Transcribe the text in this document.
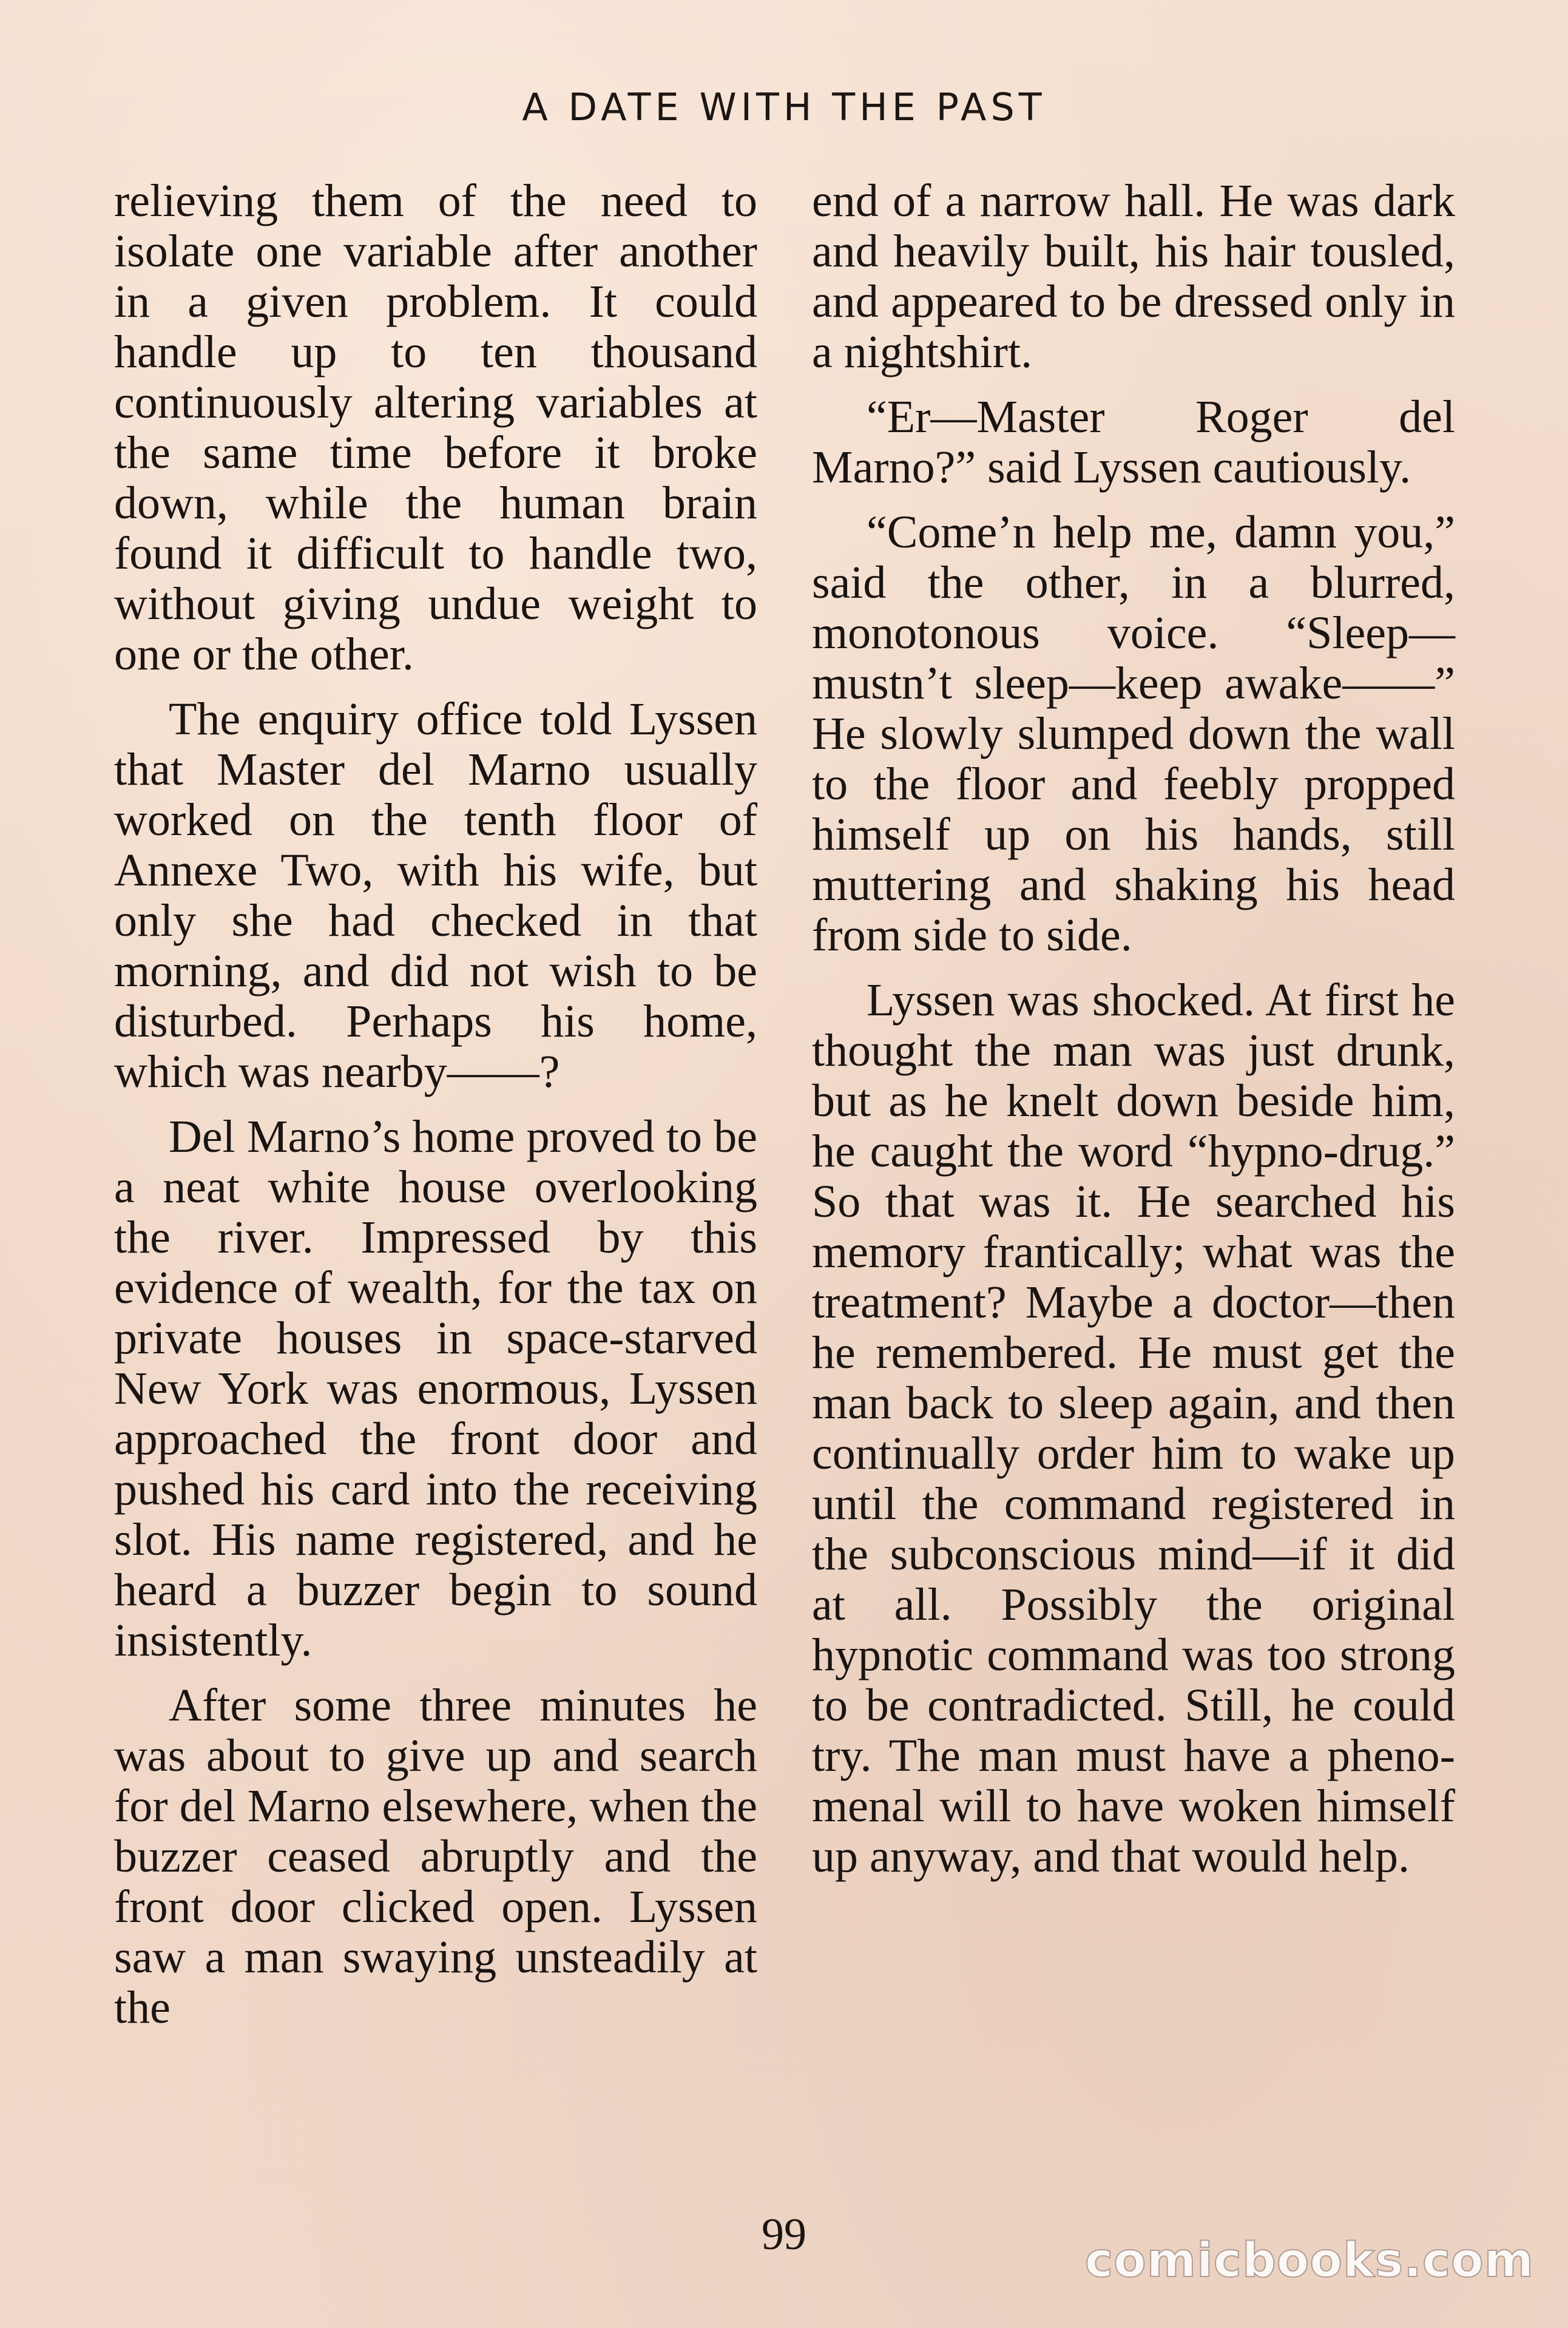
A DATE WITH THE PAST

relieving them of the need to isolate one variable after another in a given problem. It could handle up to ten thousand continuously altering variables at the same time before it broke down, while the human brain found it difficult to handle two, without giving undue weight to one or the other.

The enquiry office told Lyssen that Master del Marno usually worked on the tenth floor of Annexe Two, with his wife, but only she had checked in that morning, and did not wish to be disturbed. Perhaps his home, which was nearby——?

Del Marno’s home proved to be a neat white house overlooking the river. Impressed by this evidence of wealth, for the tax on private houses in space-starved New York was enormous, Lyssen approached the front door and pushed his card into the receiving slot. His name registered, and he heard a buzzer begin to sound insistently.

After some three minutes he was about to give up and search for del Marno elsewhere, when the buzzer ceased abruptly and the front door clicked open. Lyssen saw a man swaying unsteadily at the

end of a narrow hall. He was dark and heavily built, his hair tousled, and appeared to be dressed only in a nightshirt.

“Er—Master Roger del Marno?” said Lyssen cautiously.

“Come’n help me, damn you,” said the other, in a blurred, monotonous voice. “Sleep—mustn’t sleep—keep awake——” He slowly slumped down the wall to the floor and feebly propped himself up on his hands, still muttering and shaking his head from side to side.

Lyssen was shocked. At first he thought the man was just drunk, but as he knelt down beside him, he caught the word “hypno-drug.” So that was it. He searched his memory frantically; what was the treatment? Maybe a doctor—then he remembered. He must get the man back to sleep again, and then continually order him to wake up until the command registered in the subconscious mind—if it did at all. Possibly the original hypnotic command was too strong to be contradicted. Still, he could try. The man must have a phenomenal will to have woken himself up anyway, and that would help.

99	comicbooks.com
